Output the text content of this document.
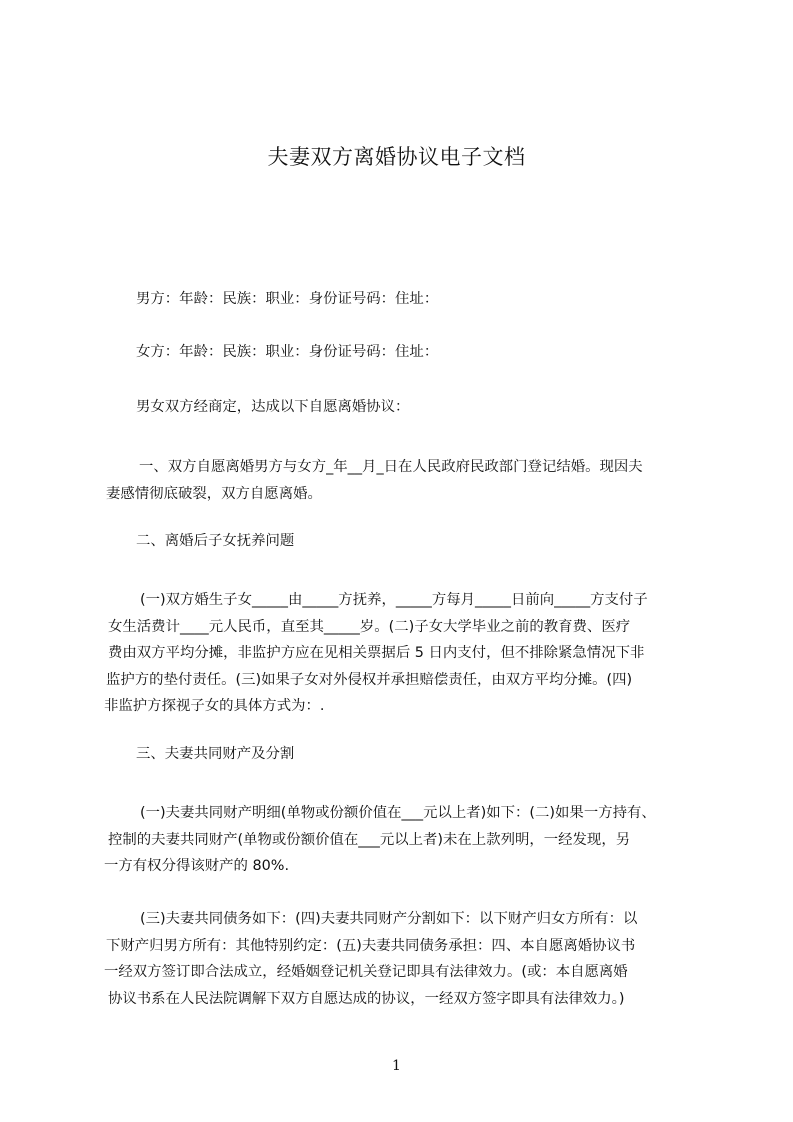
夫妻双方离婚协议电子文档

男方：年龄：民族：职业：身份证号码：住址：

女方：年龄：民族：职业：身份证号码：住址：

男女双方经商定，达成以下自愿离婚协议：

一、双方自愿离婚男方与女方_年__月_日在人民政府民政部门登记结婚。现因夫
妻感情彻底破裂，双方自愿离婚。

二、离婚后子女抚养问题

(一)双方婚生子女_____由_____方抚养，_____方每月_____日前向_____方支付子
女生活费计____元人民币，直至其_____岁。(二)子女大学毕业之前的教育费、医疗
费由双方平均分摊，非监护方应在见相关票据后 5 日内支付，但不排除紧急情况下非
监护方的垫付责任。(三)如果子女对外侵权并承担赔偿责任，由双方平均分摊。(四)
非监护方探视子女的具体方式为：.

三、夫妻共同财产及分割

(一)夫妻共同财产明细(单物或份额价值在___元以上者)如下：(二)如果一方持有、
控制的夫妻共同财产(单物或份额价值在___元以上者)未在上款列明，一经发现，另
一方有权分得该财产的 80%.

(三)夫妻共同债务如下：(四)夫妻共同财产分割如下：以下财产归女方所有：以
下财产归男方所有：其他特别约定：(五)夫妻共同债务承担：四、本自愿离婚协议书
一经双方签订即合法成立，经婚姻登记机关登记即具有法律效力。(或：本自愿离婚
协议书系在人民法院调解下双方自愿达成的协议，一经双方签字即具有法律效力。)

1
